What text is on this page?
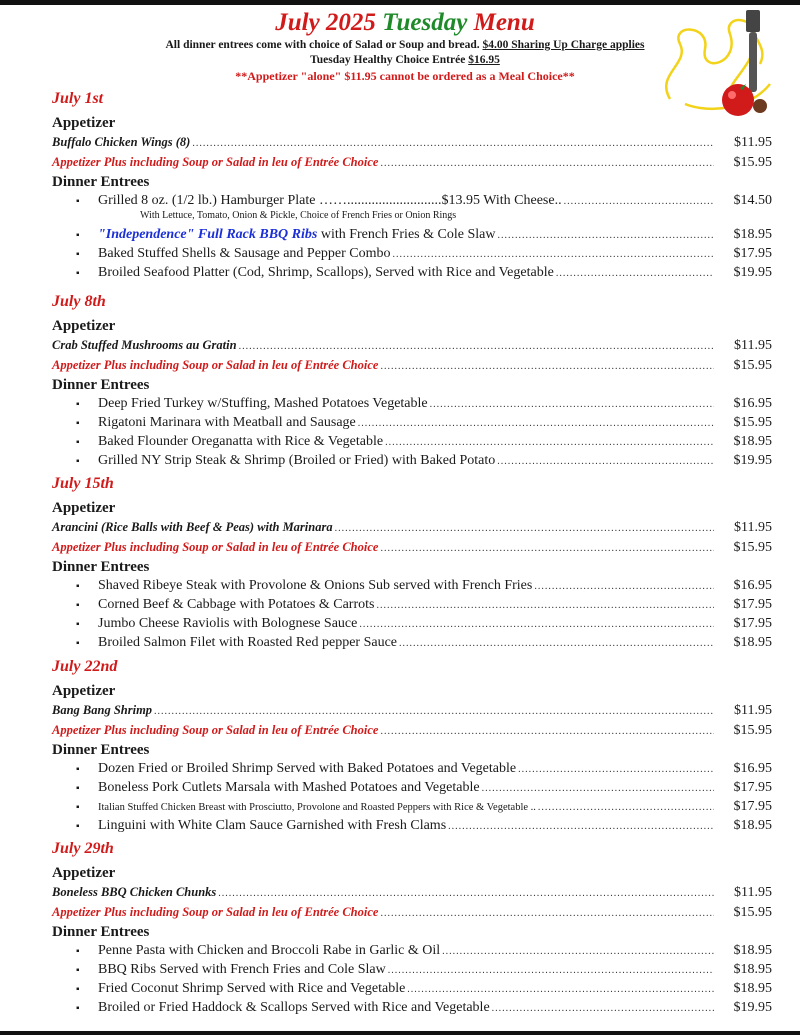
July 2025 Tuesday Menu
All dinner entrees come with choice of Salad or Soup and bread. $4.00 Sharing Up Charge applies
Tuesday Healthy Choice Entrée $16.95
**Appetizer "alone" $11.95 cannot be ordered as a Meal Choice**
July 1st
Appetizer
Buffalo Chicken Wings (8) .....	$11.95
Appetizer Plus including Soup or Salad in leu of Entrée Choice .....	$15.95
Dinner Entrees
▪	Grilled 8 oz. (1/2 lb.) Hamburger Plate ……...........................$13.95 With Cheese.. .....	$14.50
With Lettuce, Tomato, Onion & Pickle, Choice of French Fries or Onion Rings
▪	"Independence" Full Rack BBQ Ribs with French Fries & Cole Slaw .....	$18.95
▪	Baked Stuffed Shells & Sausage and Pepper Combo .....	$17.95
▪	Broiled Seafood Platter (Cod, Shrimp, Scallops), Served with Rice and Vegetable .....	$19.95
July 8th
Appetizer
Crab Stuffed Mushrooms au Gratin .....	$11.95
Appetizer Plus including Soup or Salad in leu of Entrée Choice .....	$15.95
Dinner Entrees
▪	Deep Fried Turkey w/Stuffing, Mashed Potatoes Vegetable .....	$16.95
▪	Rigatoni Marinara with Meatball and Sausage .....	$15.95
▪	Baked Flounder Oreganatta with Rice & Vegetable .....	$18.95
▪	Grilled NY Strip Steak & Shrimp (Broiled or Fried) with Baked Potato .....	$19.95
July 15th
Appetizer
Arancini (Rice Balls with Beef & Peas) with Marinara .....	$11.95
Appetizer Plus including Soup or Salad in leu of Entrée Choice .....	$15.95
Dinner Entrees
▪	Shaved Ribeye Steak with Provolone & Onions Sub served with French Fries .....	$16.95
▪	Corned Beef & Cabbage with Potatoes & Carrots .....	$17.95
▪	Jumbo Cheese Raviolis with Bolognese Sauce .....	$17.95
▪	Broiled Salmon Filet with Roasted Red pepper Sauce .....	$18.95
July 22nd
Appetizer
Bang Bang Shrimp .....	$11.95
Appetizer Plus including Soup or Salad in leu of Entrée Choice .....	$15.95
Dinner Entrees
▪	Dozen Fried or Broiled Shrimp Served with Baked Potatoes and Vegetable .....	$16.95
▪	Boneless Pork Cutlets Marsala with Mashed Potatoes and Vegetable .....	$17.95
▪	Italian Stuffed Chicken Breast with Prosciutto, Provolone and Roasted Peppers with Rice & Vegetable .. .....	$17.95
▪	Linguini with White Clam Sauce Garnished with Fresh Clams .....	$18.95
July 29th
Appetizer
Boneless BBQ Chicken Chunks .....	$11.95
Appetizer Plus including Soup or Salad in leu of Entrée Choice .....	$15.95
Dinner Entrees
▪	Penne Pasta with Chicken and Broccoli Rabe in Garlic & Oil .....	$18.95
▪	BBQ Ribs Served with French Fries and Cole Slaw .....	$18.95
▪	Fried Coconut Shrimp Served with Rice and Vegetable .....	$18.95
▪	Broiled or Fried Haddock & Scallops Served with Rice and Vegetable .....	$19.95
